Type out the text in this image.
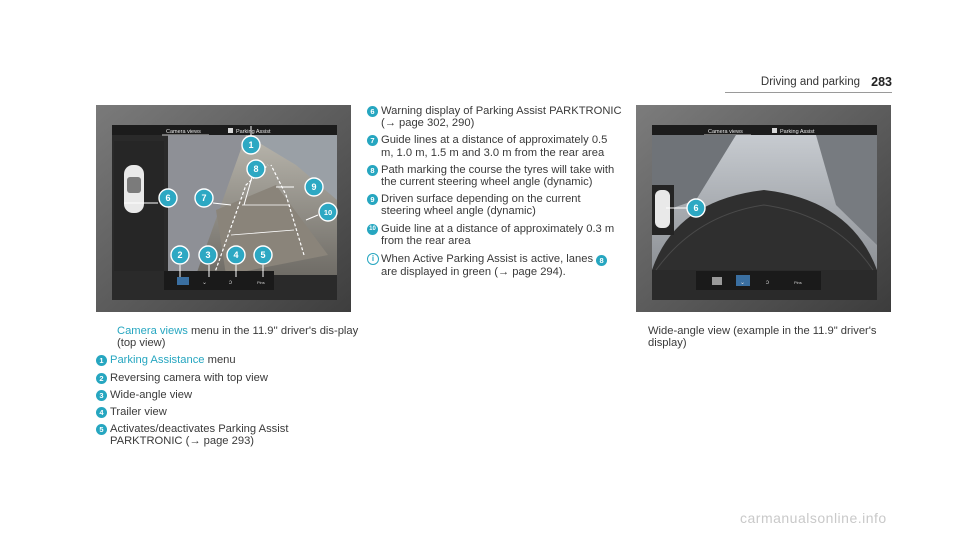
Driving and parking 283
Camera views	Parking Assist
⌄	ↄ	Pins
1
2	3	4 5
6	7
8
9
10
Camera views	Parking Assist
⌄	ↄ	Pins
6
Camera views menu in the 11.9'' driver's dis-play (top view)
1 Parking Assistance menu
2 Reversing camera with top view
3 Wide-angle view
4 Trailer view
5 Activates/deactivates Parking Assist PARKTRONIC (→ page 293)
6 Warning display of Parking Assist PARKTRONIC (→ page 302, 290)
7 Guide lines at a distance of approximately 0.5 m, 1.0 m, 1.5 m and 3.0 m from the rear area
8 Path marking the course the tyres will take with the current steering wheel angle (dynamic)
9 Driven surface depending on the current steering wheel angle (dynamic)
10 Guide line at a distance of approximately 0.3 m from the rear area
i When Active Parking Assist is active, lanes 8 are displayed in green (→ page 294).
Wide-angle view (example in the 11.9" driver's display)
carmanualsonline.info
